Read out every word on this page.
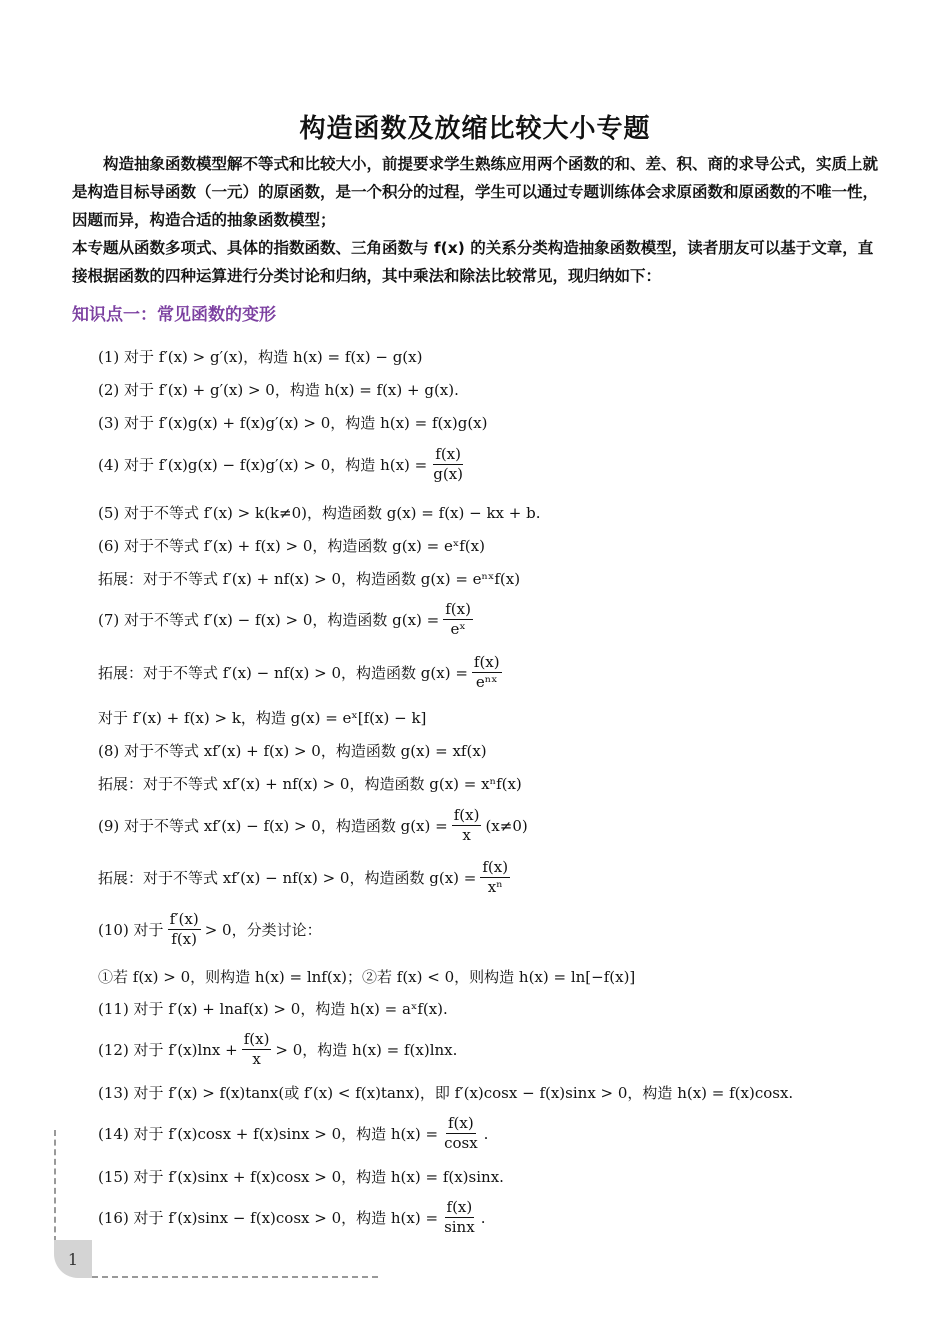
构造函数及放缩比较大小专题

构造抽象函数模型解不等式和比较大小，前提要求学生熟练应用两个函数的和、差、积、商的求导公式，实质上就是构造目标导函数（一元）的原函数，是一个积分的过程，学生可以通过专题训练体会求原函数和原函数的不唯一性，因题而异，构造合适的抽象函数模型；

本专题从函数多项式、具体的指数函数、三角函数与 f(x) 的关系分类构造抽象函数模型，读者朋友可以基于文章，直接根据函数的四种运算进行分类讨论和归纳，其中乘法和除法比较常见，现归纳如下：

知识点一：常见函数的变形
(1) 对于 f′(x) > g′(x)，构造 h(x) = f(x) − g(x)
(2) 对于 f′(x) + g′(x) > 0，构造 h(x) = f(x) + g(x).
(3) 对于 f′(x)g(x) + f(x)g′(x) > 0，构造 h(x) = f(x)g(x)
(4) 对于 f′(x)g(x) − f(x)g′(x) > 0，构造 $h(x) = \frac{f(x)}{g(x)}$
(5) 对于不等式 f′(x) > k(k≠0)，构造函数 g(x) = f(x) − kx + b.
(6) 对于不等式 f′(x) + f(x) > 0，构造函数 g(x) = eˣf(x)
拓展：对于不等式 f′(x) + nf(x) > 0，构造函数 g(x) = eⁿˣf(x)
(7) 对于不等式 f′(x) − f(x) > 0，构造函数 $g(x) = \frac{f(x)}{\text{eˣ}}$
拓展：对于不等式 f′(x) − nf(x) > 0，构造函数 $g(x) = \frac{f(x)}{\text{eⁿˣ}}$
对于 f′(x) + f(x) > k，构造 g(x) = eˣ[f(x) − k]
(8) 对于不等式 xf′(x) + f(x) > 0，构造函数 g(x) = xf(x)
拓展：对于不等式 xf′(x) + nf(x) > 0，构造函数 g(x) = xⁿf(x)
(9) 对于不等式 xf′(x) − f(x) > 0，构造函数 $g(x) = \frac{f(x)}{x} (x\ne 0)$
拓展：对于不等式 xf′(x) − nf(x) > 0，构造函数 $g(x) = \frac{f(x)}{\text{xⁿ}}$
(10) 对于 $\frac{f'(x)}{f(x)} > 0$，分类讨论：
①若 f(x) > 0，则构造 h(x) = lnf(x)；②若 f(x) < 0，则构造 h(x) = ln[−f(x)]
(11) 对于 f′(x) + lnaf(x) > 0，构造 h(x) = aˣf(x).
(12) 对于 $f'(x)\ln x + \frac{f(x)}{x} > 0$，构造 h(x) = f(x)lnx.
(13) 对于 f′(x) > f(x)tanx(或 f′(x) < f(x)tanx)，即 f′(x)cosx − f(x)sinx > 0，构造 h(x) = f(x)cosx.
(14) 对于 f′(x)cosx + f(x)sinx > 0，构造 $h(x) = \frac{f(x)}{\cos x}$ .
(15) 对于 f′(x)sinx + f(x)cosx > 0，构造 h(x) = f(x)sinx.
(16) 对于 f′(x)sinx − f(x)cosx > 0，构造 $h(x) = \frac{f(x)}{\sin x}$ .
1
